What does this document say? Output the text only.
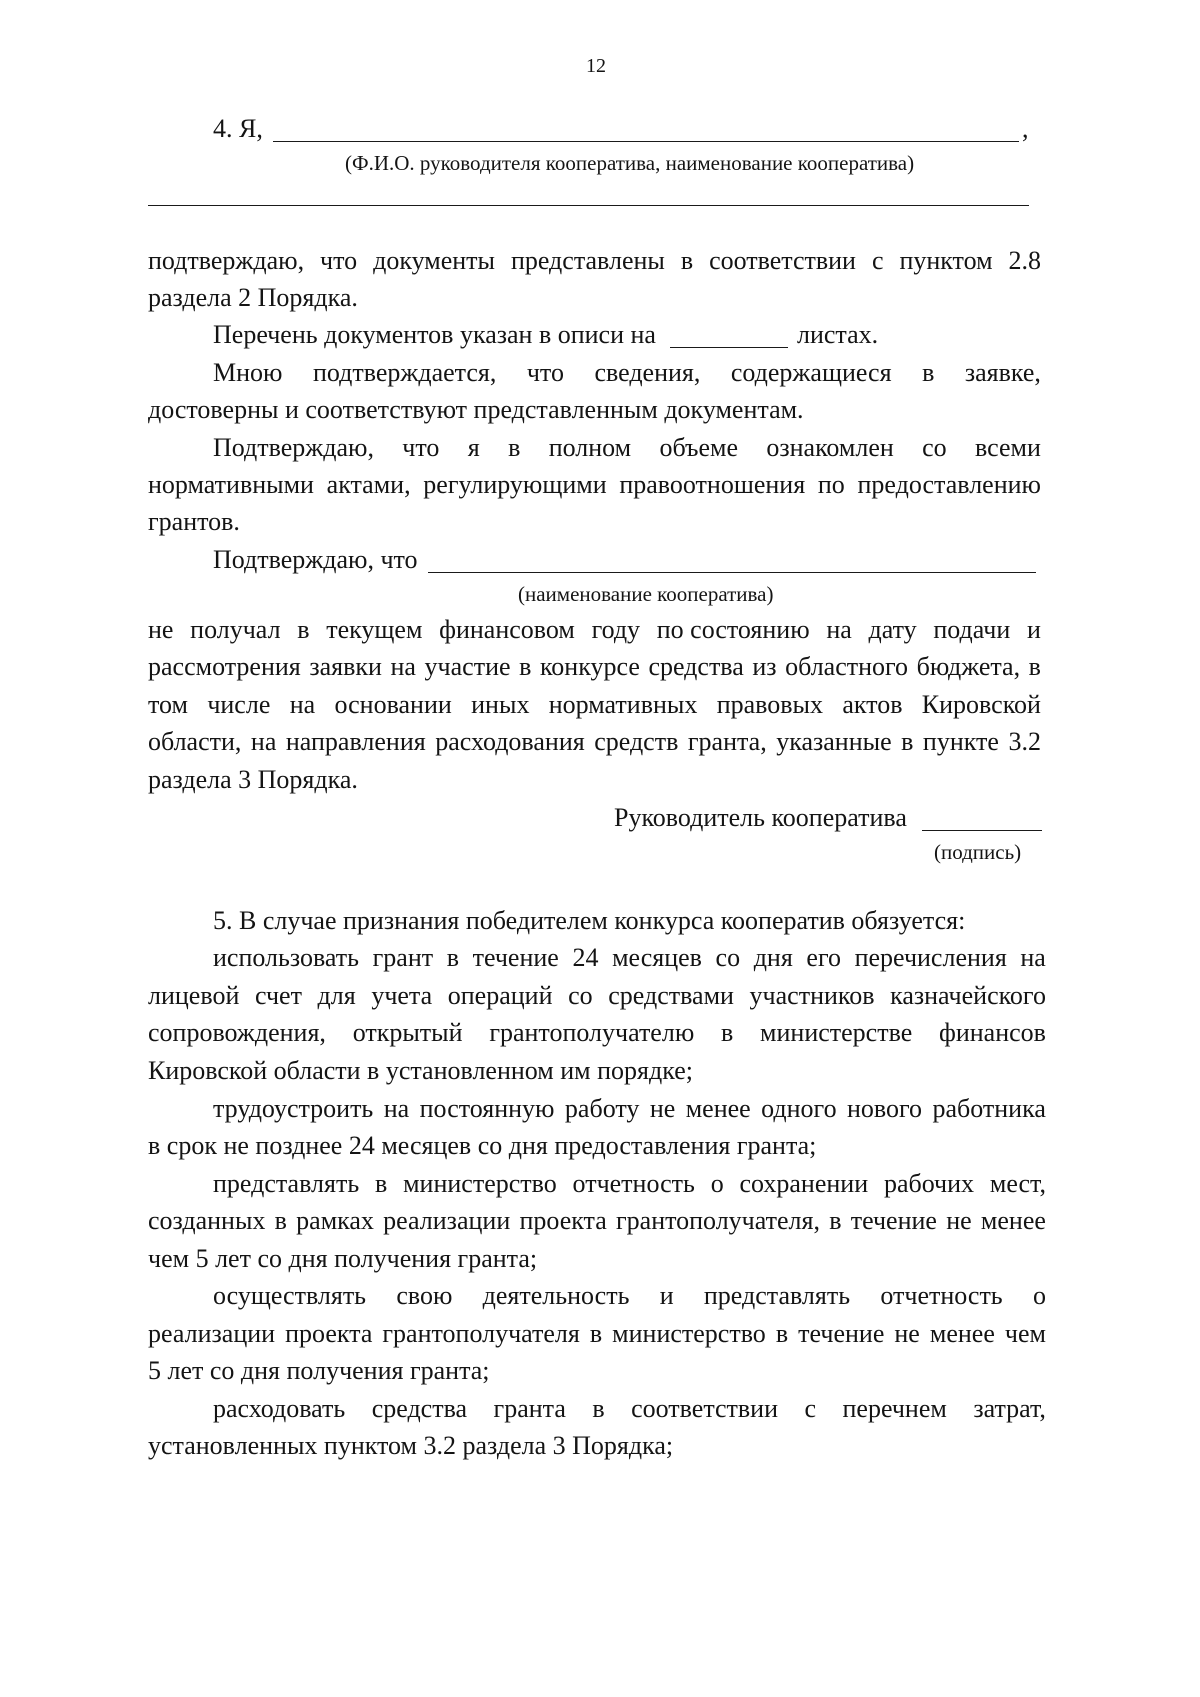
12
4. Я,	,
(Ф.И.О. руководителя кооператива, наименование кооператива)
подтверждаю, что документы представлены в соответствии с пунктом 2.8
раздела 2 Порядка.
Перечень документов указан в описи на	листах.
Мною подтверждается, что сведения, содержащиеся в заявке,
достоверны и соответствуют представленным документам.
Подтверждаю, что я в полном объеме ознакомлен со всеми
нормативными актами, регулирующими правоотношения по предоставлению
грантов.
Подтверждаю, что
(наименование кооператива)
не получал в текущем финансовом году по состоянию на дату подачи и
рассмотрения заявки на участие в конкурсе средства из областного бюджета, в
том числе на основании иных нормативных правовых актов Кировской
области, на направления расходования средств гранта, указанные в пункте 3.2
раздела 3 Порядка.
Руководитель кооператива
(подпись)
5. В случае признания победителем конкурса кооператив обязуется:
использовать грант в течение 24 месяцев со дня его перечисления на
лицевой счет для учета операций со средствами участников казначейского
сопровождения, открытый грантополучателю в министерстве финансов
Кировской области в установленном им порядке;
трудоустроить на постоянную работу не менее одного нового работника
в срок не позднее 24 месяцев со дня предоставления гранта;
представлять в министерство отчетность о сохранении рабочих мест,
созданных в рамках реализации проекта грантополучателя, в течение не менее
чем 5 лет со дня получения гранта;
осуществлять свою деятельность и представлять отчетность о
реализации проекта грантополучателя в министерство в течение не менее чем
5 лет со дня получения гранта;
расходовать средства гранта в соответствии с перечнем затрат,
установленных пунктом 3.2 раздела 3 Порядка;
